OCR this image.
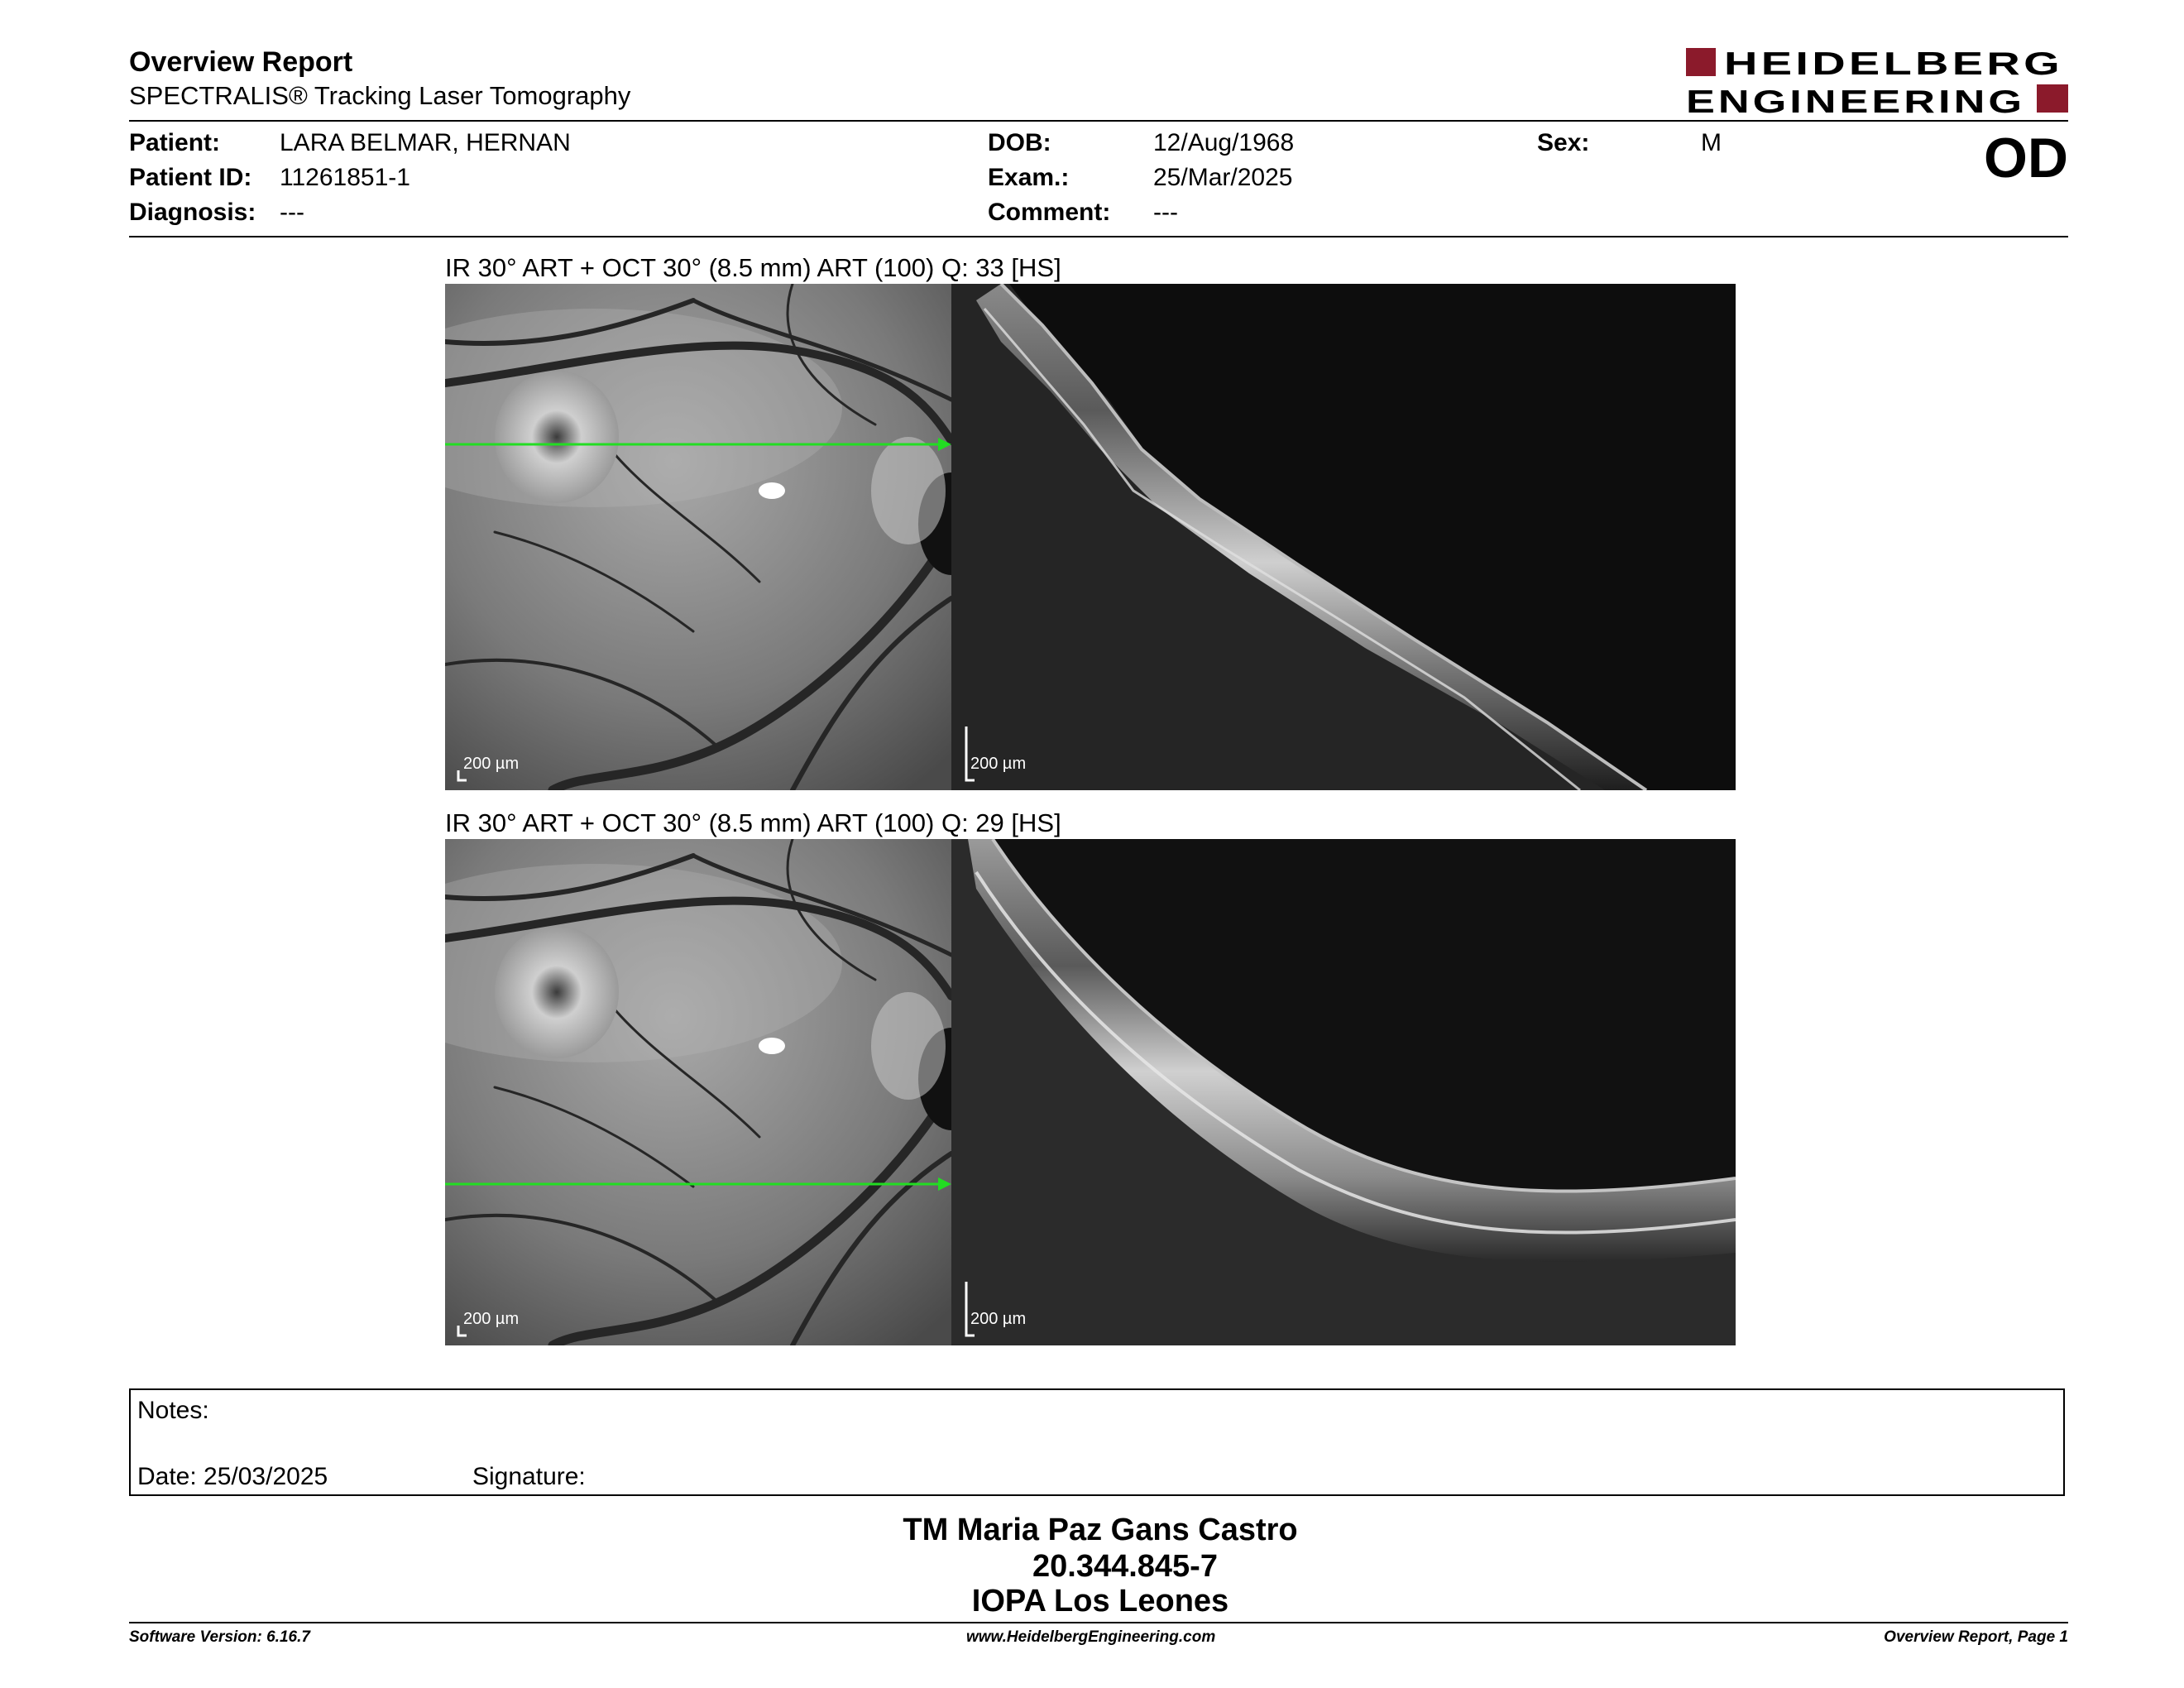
Overview Report
SPECTRALIS® Tracking Laser Tomography
HEIDELBERG
ENGINEERING
Patient: LARA BELMAR, HERNAN
Patient ID: 11261851-1
Diagnosis: ---
DOB:	12/Aug/1968
Exam.:	25/Mar/2025
Comment: ---
Sex:	M	OD
IR 30° ART + OCT 30° (8.5 mm) ART (100) Q: 33 [HS]
200 µm	200 µm
IR 30° ART + OCT 30° (8.5 mm) ART (100) Q: 29 [HS]
200 µm	200 µm
Notes:
Date: 25/03/2025	Signature:
TM Maria Paz Gans Castro
20.344.845-7
IOPA Los Leones
Software Version: 6.16.7	www.HeidelbergEngineering.com	Overview Report, Page 1
